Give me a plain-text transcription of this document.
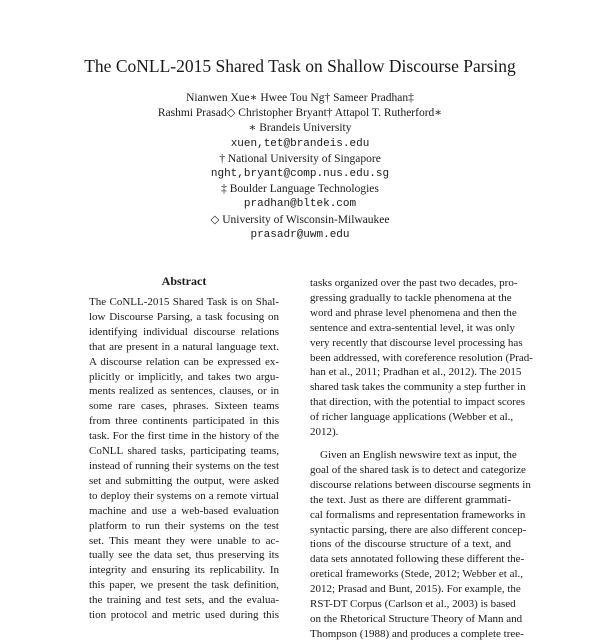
The CoNLL-2015 Shared Task on Shallow Discourse Parsing
Nianwen Xue∗ Hwee Tou Ng† Sameer Pradhan‡
Rashmi Prasad◇ Christopher Bryant† Attapol T. Rutherford∗
∗ Brandeis University
xuen,tet@brandeis.edu
† National University of Singapore
nght,bryant@comp.nus.edu.sg
‡ Boulder Language Technologies
pradhan@bltek.com
◇ University of Wisconsin-Milwaukee
prasadr@uwm.edu
Abstract
The CoNLL-2015 Shared Task is on Shal-
low Discourse Parsing, a task focusing on
identifying individual discourse relations
that are present in a natural language text.
A discourse relation can be expressed ex-
plicitly or implicitly, and takes two argu-
ments realized as sentences, clauses, or in
some rare cases, phrases. Sixteen teams
from three continents participated in this
task. For the first time in the history of the
CoNLL shared tasks, participating teams,
instead of running their systems on the test
set and submitting the output, were asked
to deploy their systems on a remote virtual
machine and use a web-based evaluation
platform to run their systems on the test
set. This meant they were unable to ac-
tually see the data set, thus preserving its
integrity and ensuring its replicability. In
this paper, we present the task definition,
the training and test sets, and the evalua-
tion protocol and metric used during this
tasks organized over the past two decades, pro-
gressing gradually to tackle phenomena at the
word and phrase level phenomena and then the
sentence and extra-sentential level, it was only
very recently that discourse level processing has
been addressed, with coreference resolution (Prad-
han et al., 2011; Pradhan et al., 2012). The 2015
shared task takes the community a step further in
that direction, with the potential to impact scores
of richer language applications (Webber et al.,
2012).
Given an English newswire text as input, the
goal of the shared task is to detect and categorize
discourse relations between discourse segments in
the text. Just as there are different grammati-
cal formalisms and representation frameworks in
syntactic parsing, there are also different concep-
tions of the discourse structure of a text, and
data sets annotated following these different the-
oretical frameworks (Stede, 2012; Webber et al.,
2012; Prasad and Bunt, 2015). For example, the
RST-DT Corpus (Carlson et al., 2003) is based
on the Rhetorical Structure Theory of Mann and
Thompson (1988) and produces a complete tree-
